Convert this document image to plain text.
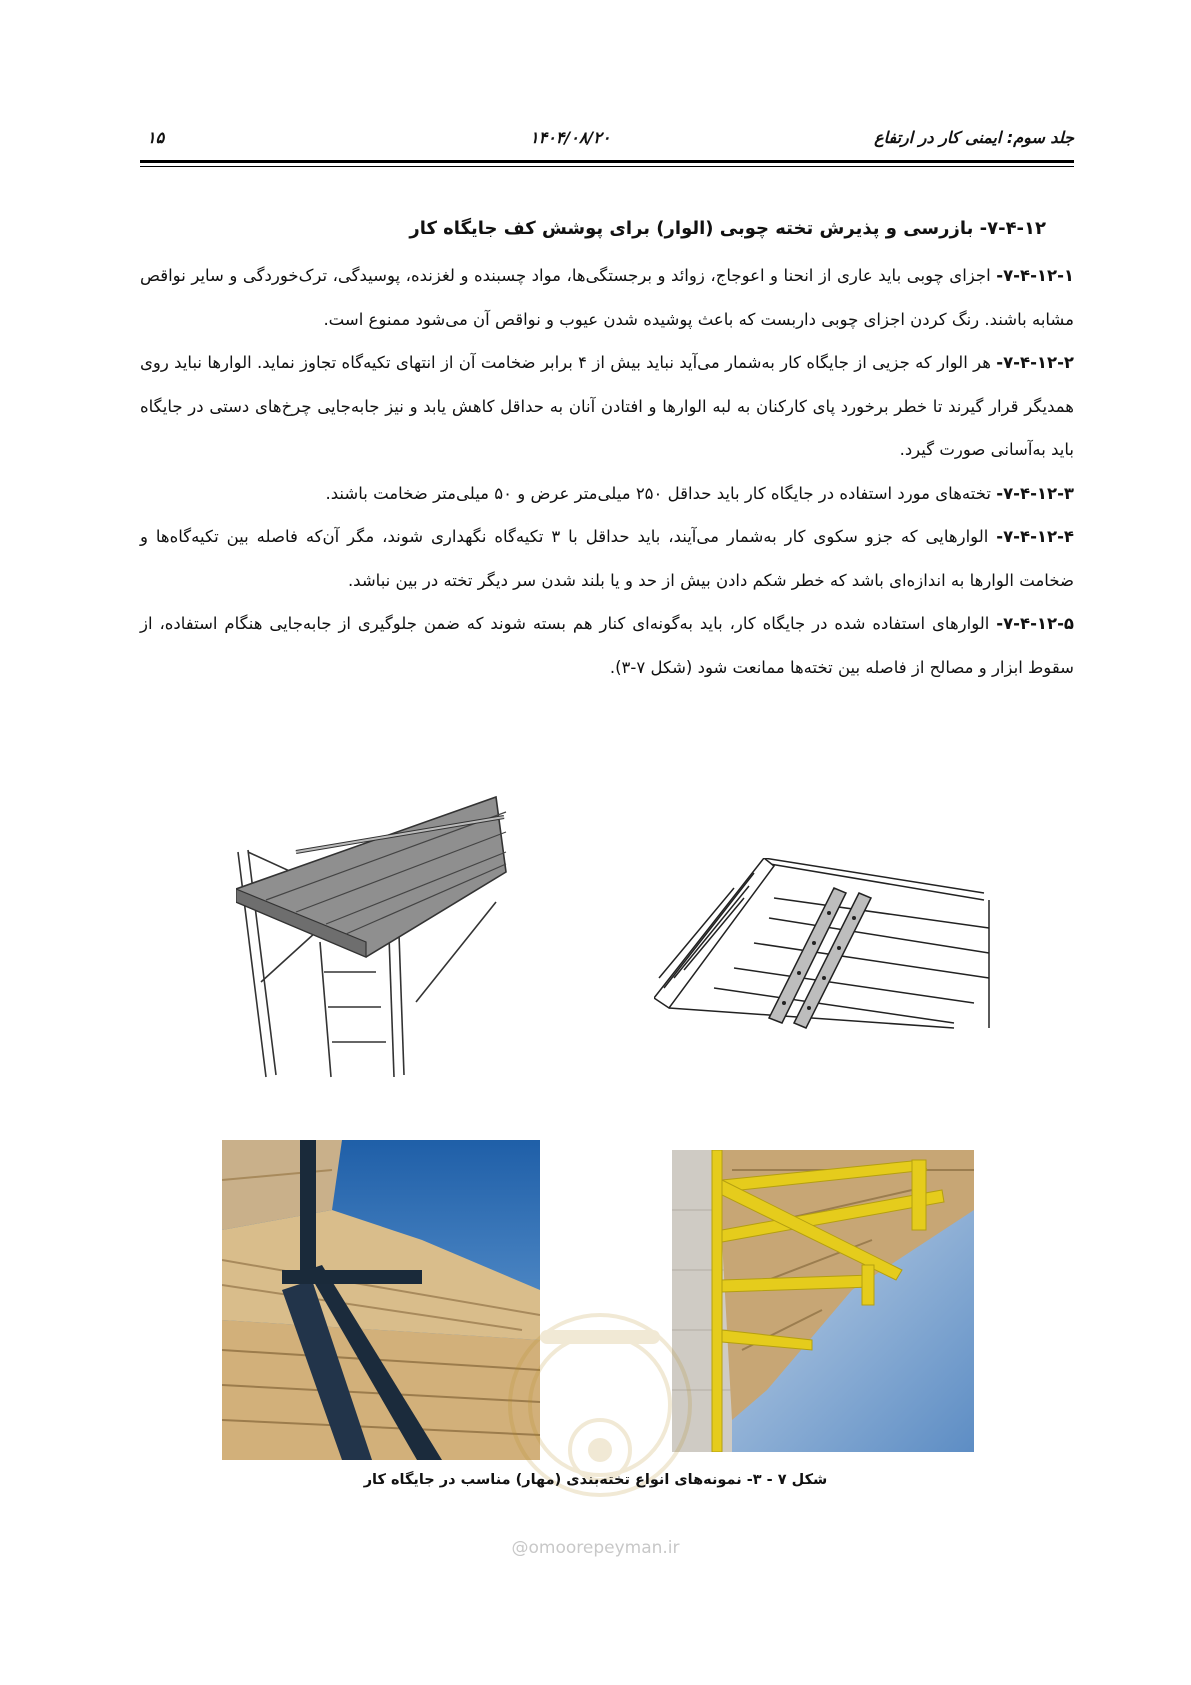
جلد سوم: ایمنی کار در ارتفاع
۱۴۰۴/۰۸/۲۰
۱۵
۷-۴-۱۲- بازرسی و پذیرش تخته چوبی (الوار) برای پوشش کف جایگاه کار

۷-۴-۱۲-۱- اجزای چوبی باید عاری از انحنا و اعوجاج، زوائد و برجستگی‌ها، مواد چسبنده و لغزنده، پوسیدگی، ترک‌خوردگی و سایر نواقص مشابه باشند. رنگ کردن اجزای چوبی داربست که باعث پوشیده شدن عیوب و نواقص آن می‌شود ممنوع است.

۷-۴-۱۲-۲- هر الوار که جزیی از جایگاه کار به‌شمار می‌آید نباید بیش از ۴ برابر ضخامت آن از انتهای تکیه‌گاه تجاوز نماید. الوارها نباید روی همدیگر قرار گیرند تا خطر برخورد پای کارکنان به لبه الوارها و افتادن آنان به حداقل کاهش یابد و نیز جابه‌جایی چرخ‌های دستی در جایگاه باید به‌آسانی صورت گیرد.

۷-۴-۱۲-۳- تخته‌های مورد استفاده در جایگاه کار باید حداقل ۲۵۰ میلی‌متر عرض و ۵۰ میلی‌متر ضخامت باشند.

۷-۴-۱۲-۴- الوارهایی که جزو سکوی کار به‌شمار می‌آیند، باید حداقل با ۳ تکیه‌گاه نگهداری شوند، مگر آن‌که فاصله بین تکیه‌گاه‌ها و ضخامت الوارها به اندازه‌ای باشد که خطر شکم دادن بیش از حد و یا بلند شدن سر دیگر تخته در بین نباشد.

۷-۴-۱۲-۵- الوارهای استفاده شده در جایگاه کار، باید به‌گونه‌ای کنار هم بسته شوند که ضمن جلوگیری از جابه‌جایی هنگام استفاده، از سقوط ابزار و مصالح از فاصله بین تخته‌ها ممانعت شود (شکل ۷-۳).

شکل ۷ - ۳- نمونه‌های انواع تخته‌بندی (مهار) مناسب در جایگاه کار
@omoorepeyman.ir
